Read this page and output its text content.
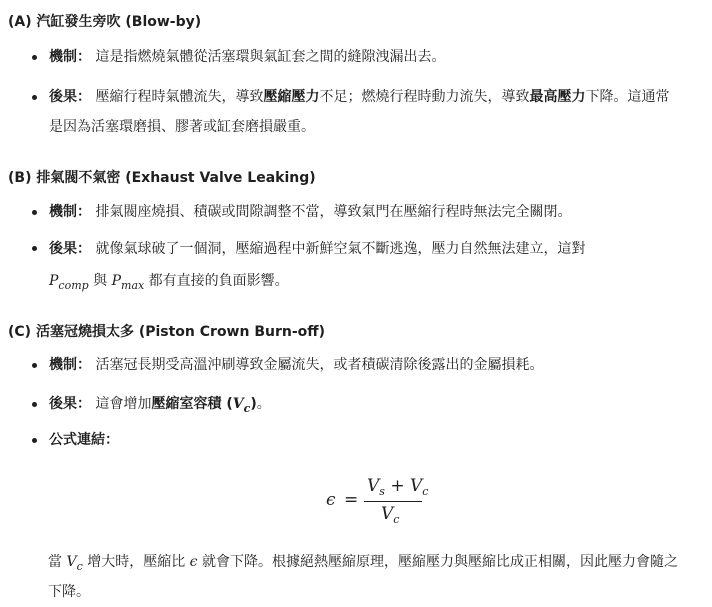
(A) 汽缸發生旁吹 (Blow-by)
機制： 這是指燃燒氣體從活塞環與氣缸套之間的縫隙洩漏出去。
後果： 壓縮行程時氣體流失，導致壓縮壓力不足；燃燒行程時動力流失，導致最高壓力下降。這通常是因為活塞環磨損、膠著或缸套磨損嚴重。
(B) 排氣閥不氣密 (Exhaust Valve Leaking)
機制： 排氣閥座燒損、積碳或間隙調整不當，導致氣門在壓縮行程時無法完全關閉。
後果： 就像氣球破了一個洞，壓縮過程中新鮮空氣不斷逃逸，壓力自然無法建立，這對
$P_{comp}$ 與 $P_{max}$ 都有直接的負面影響。
(C) 活塞冠燒損太多 (Piston Crown Burn-off)
機制： 活塞冠長期受高溫沖刷導致金屬流失，或者積碳清除後露出的金屬損耗。
後果： 這會增加壓縮室容積 $(V_c)$。
公式連結：
ϵ =
$V_s + V_c$
$V_c$
當 $V_c$ 增大時，壓縮比 ϵ 就會下降。根據絕熱壓縮原理，壓縮壓力與壓縮比成正相關，因此壓力會隨之下降。
